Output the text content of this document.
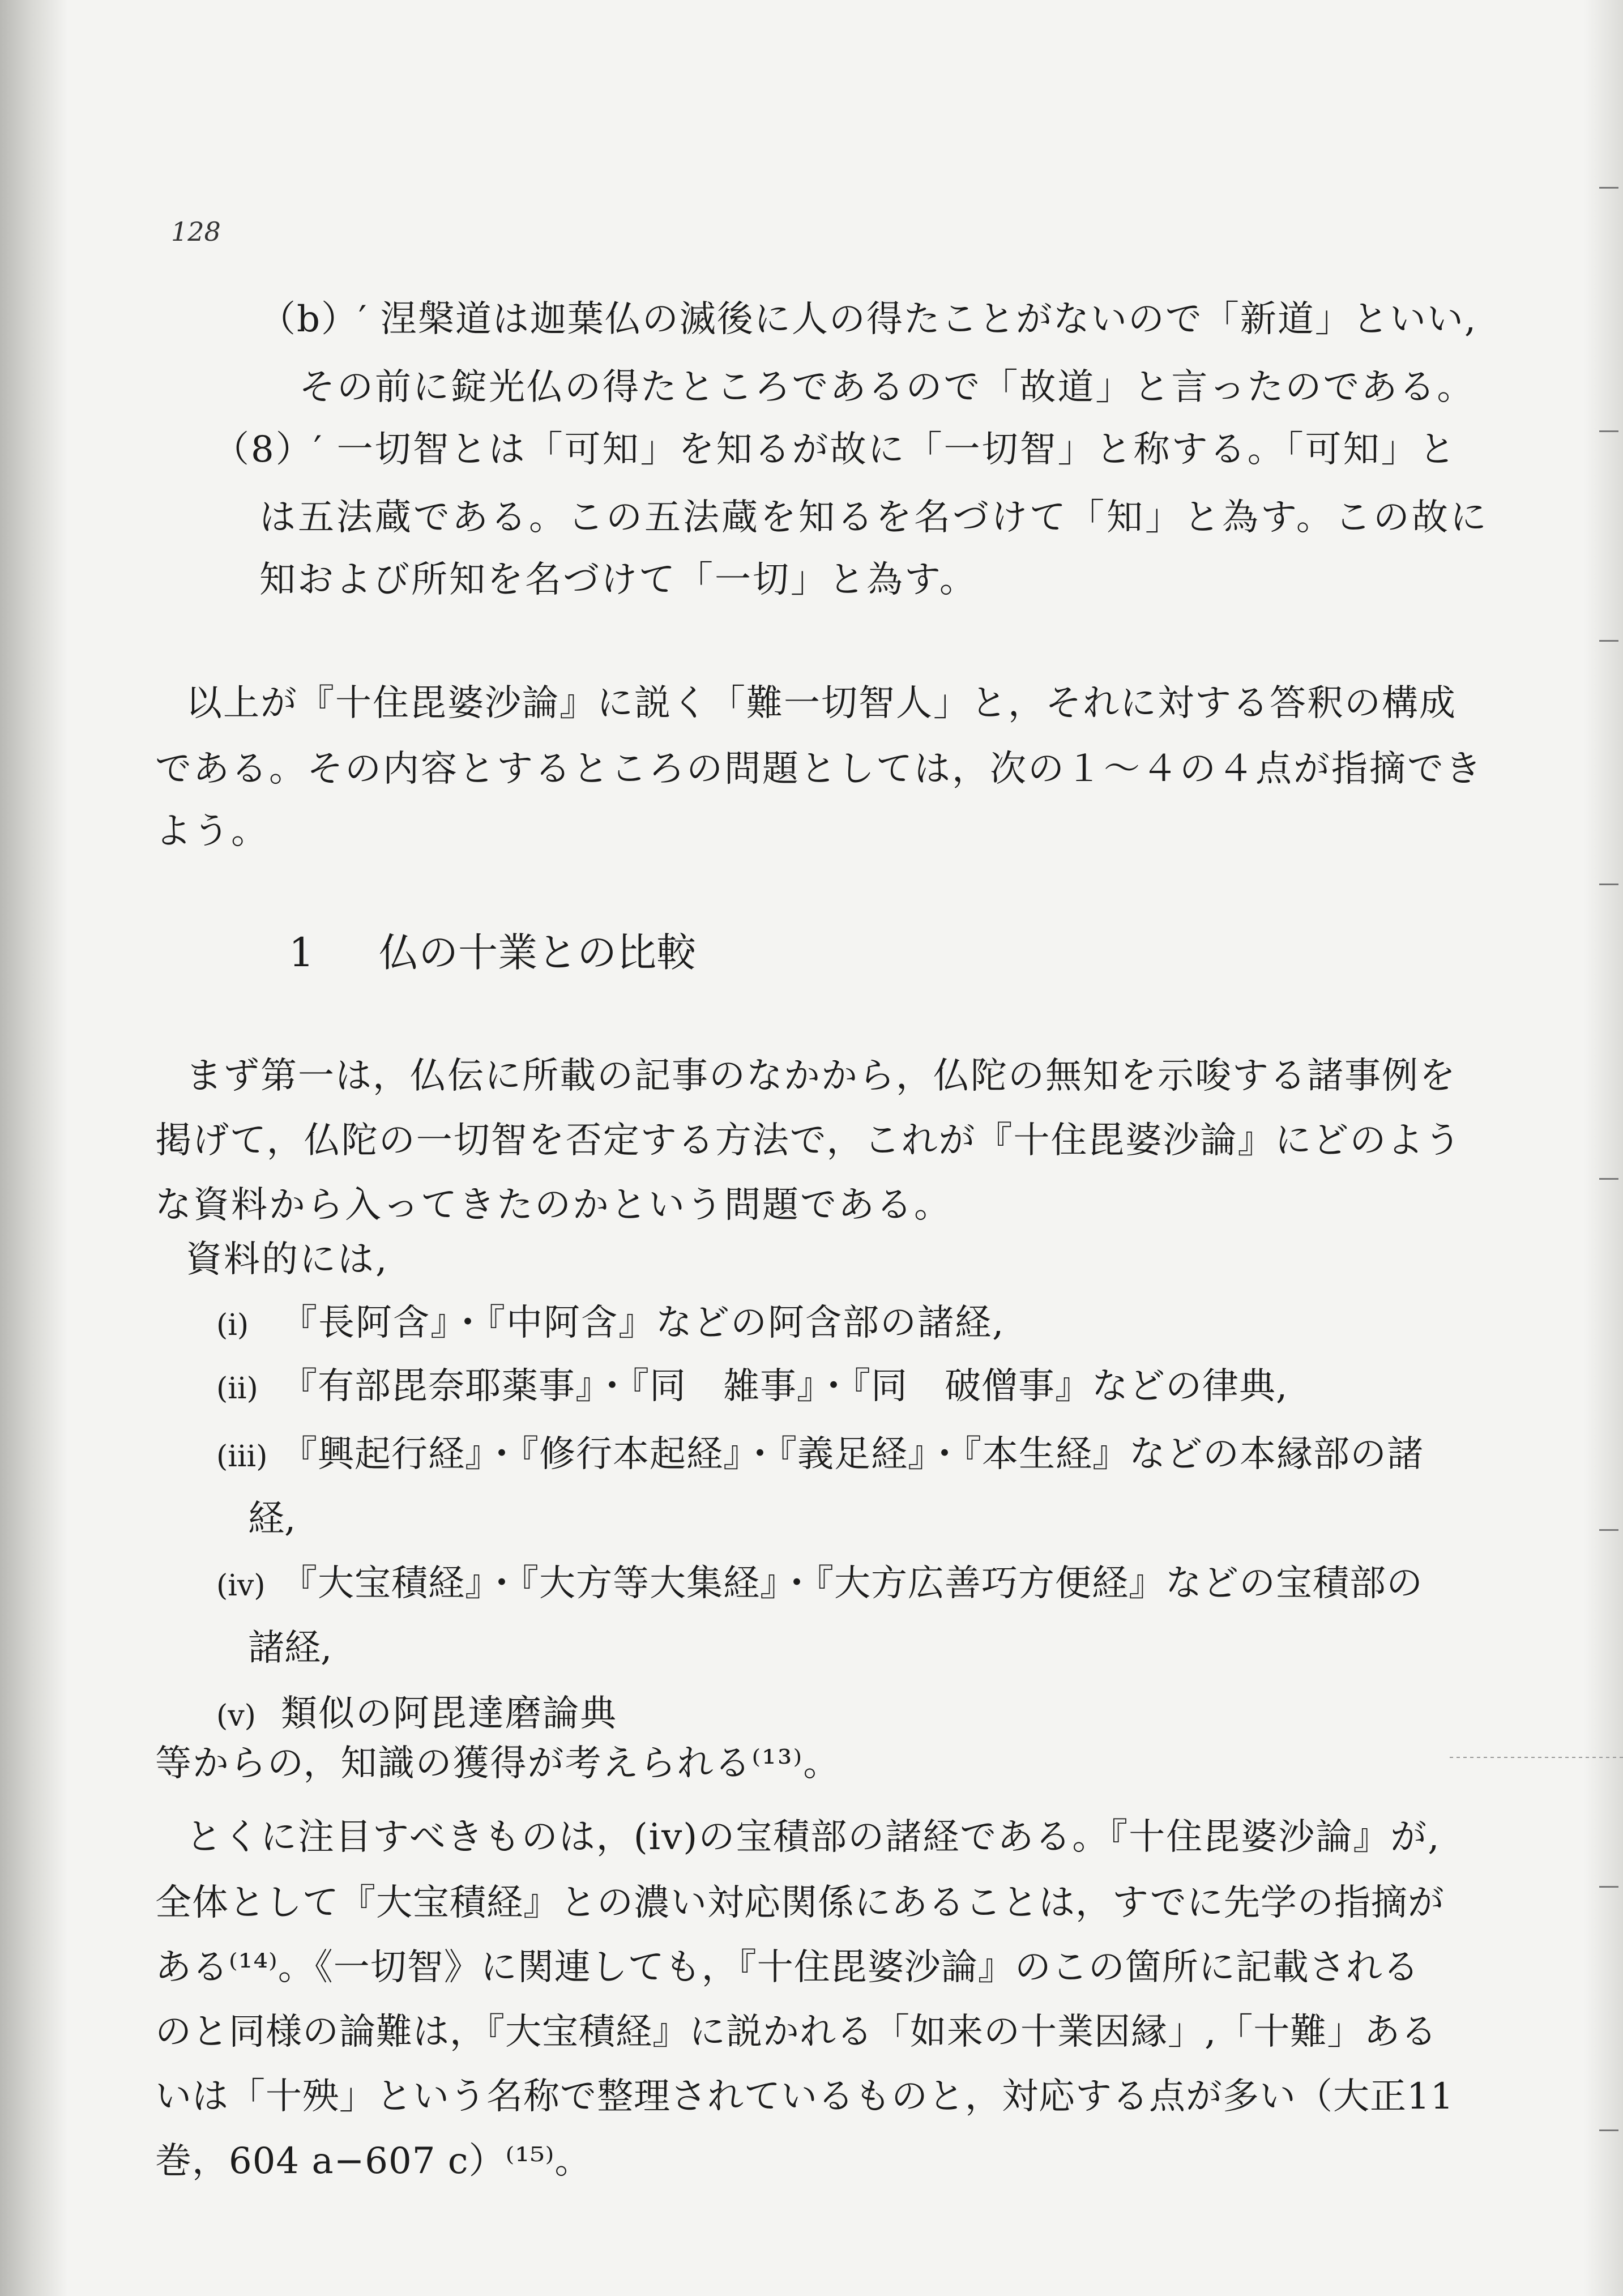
128
（b）′ 涅槃道は迦葉仏の滅後に人の得たことがないので「新道」といい,
その前に錠光仏の得たところであるので「故道」と言ったのである。
（8）′ 一切智とは「可知」を知るが故に「一切智」と称する。「可知」と
は五法蔵である。この五法蔵を知るを名づけて「知」と為す。この故に
知および所知を名づけて「一切」と為す。
以上が『十住毘婆沙論』に説く「難一切智人」と，それに対する答釈の構成
である。その内容とするところの問題としては，次の１～４の４点が指摘でき
よう。
1 仏の十業との比較
まず第一は，仏伝に所載の記事のなかから，仏陀の無知を示唆する諸事例を
掲げて，仏陀の一切智を否定する方法で，これが『十住毘婆沙論』にどのよう
な資料から入ってきたのかという問題である。
資料的には,
(i) 『長阿含』・『中阿含』などの阿含部の諸経,
(ii) 『有部毘奈耶薬事』・『同　雑事』・『同　破僧事』などの律典,
(iii) 『興起行経』・『修行本起経』・『義足経』・『本生経』などの本縁部の諸
経,
(iv) 『大宝積経』・『大方等大集経』・『大方広善巧方便経』などの宝積部の
諸経,
(v) 類似の阿毘達磨論典
等からの，知識の獲得が考えられる⁽¹³⁾。
とくに注目すべきものは，(iv)の宝積部の諸経である。『十住毘婆沙論』が,
全体として『大宝積経』との濃い対応関係にあることは，すでに先学の指摘が
ある⁽¹⁴⁾。《一切智》に関連しても，『十住毘婆沙論』のこの箇所に記載される
のと同様の論難は，『大宝積経』に説かれる「如来の十業因縁」,「十難」ある
いは「十殃」という名称で整理されているものと，対応する点が多い（大正11
巻，604 a−607 c）⁽¹⁵⁾。
